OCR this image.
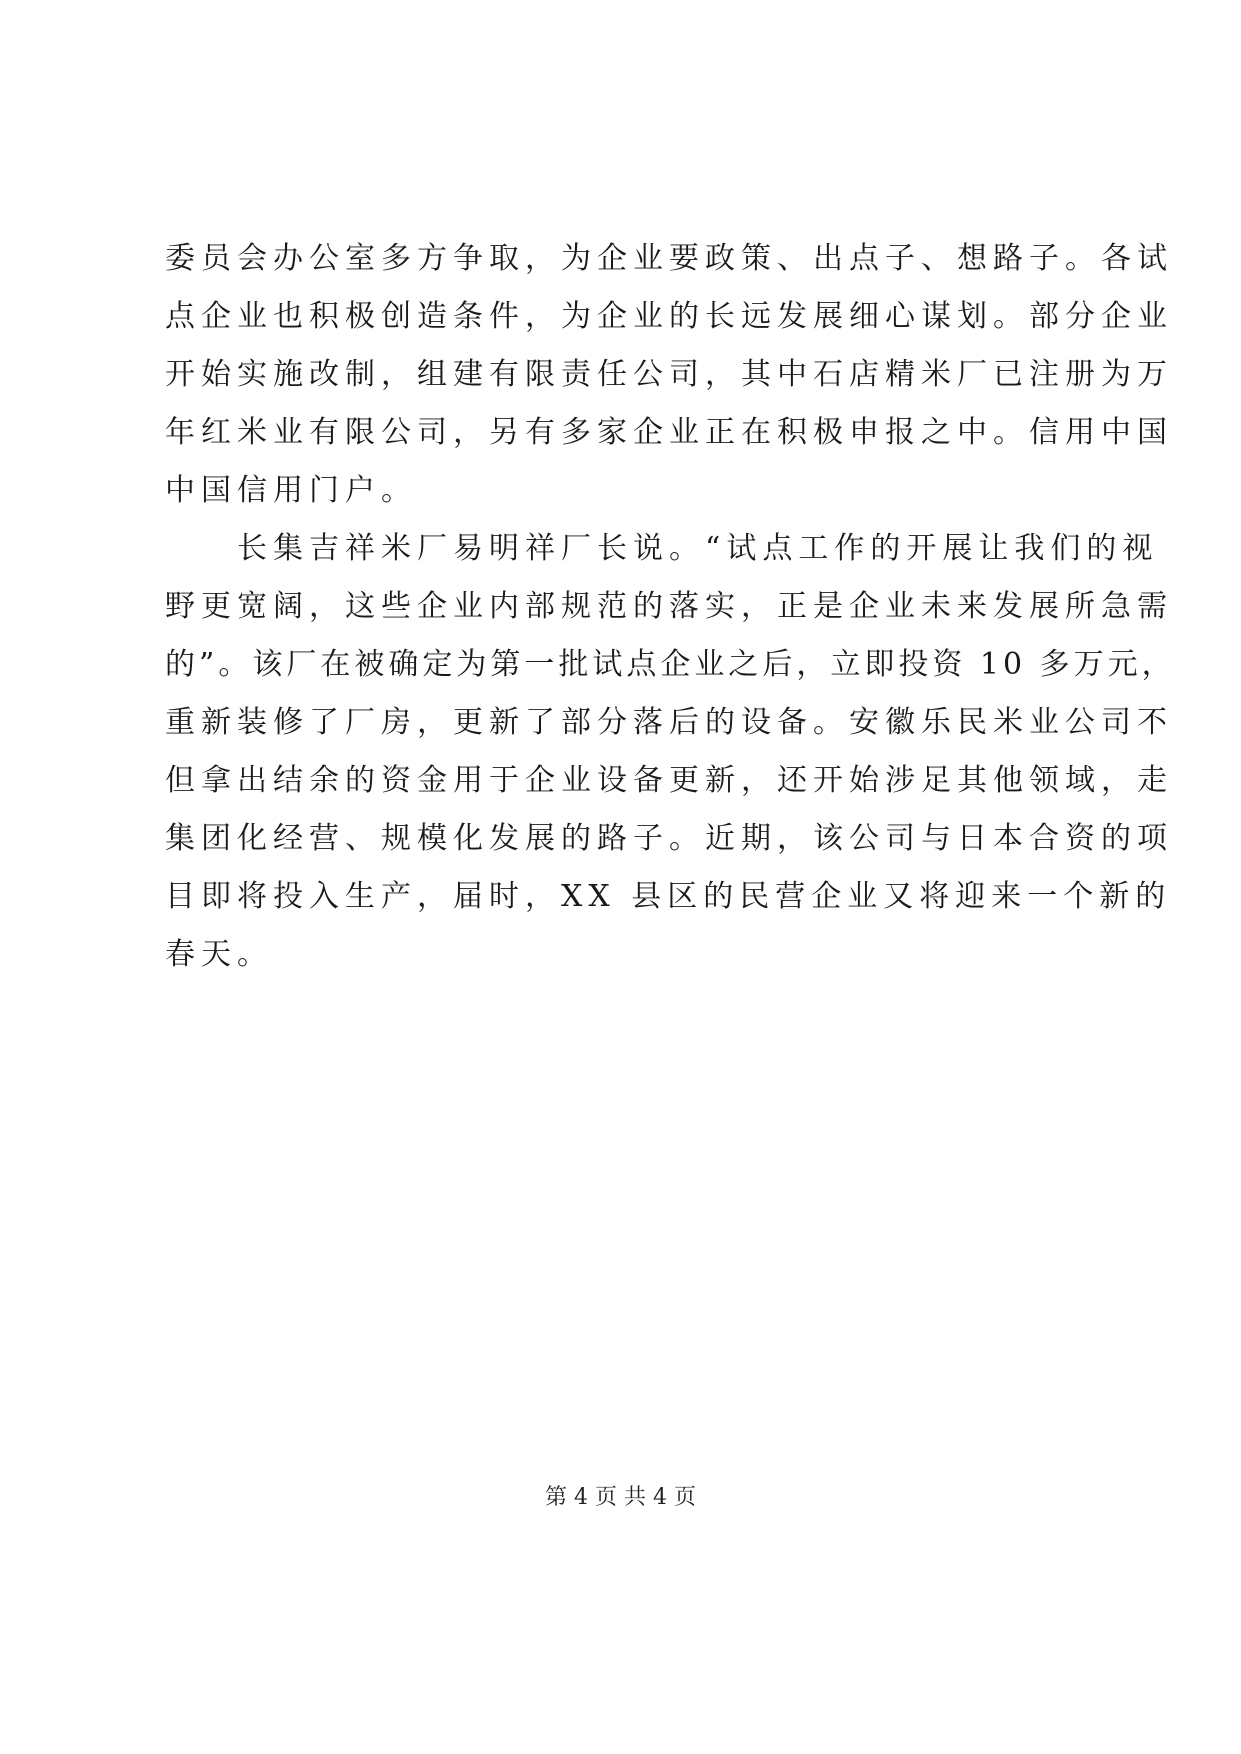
委员会办公室多方争取，为企业要政策、出点子、想路子。各试
点企业也积极创造条件，为企业的长远发展细心谋划。部分企业
开始实施改制，组建有限责任公司，其中石店精米厂已注册为万
年红米业有限公司，另有多家企业正在积极申报之中。信用中国
中国信用门户。
　　长集吉祥米厂易明祥厂长说。“试点工作的开展让我们的视
野更宽阔，这些企业内部规范的落实，正是企业未来发展所急需
的”。该厂在被确定为第一批试点企业之后，立即投资 10 多万元，
重新装修了厂房，更新了部分落后的设备。安徽乐民米业公司不
但拿出结余的资金用于企业设备更新，还开始涉足其他领域，走
集团化经营、规模化发展的路子。近期，该公司与日本合资的项
目即将投入生产，届时，XX 县区的民营企业又将迎来一个新的
春天。
第 4 页 共 4 页
